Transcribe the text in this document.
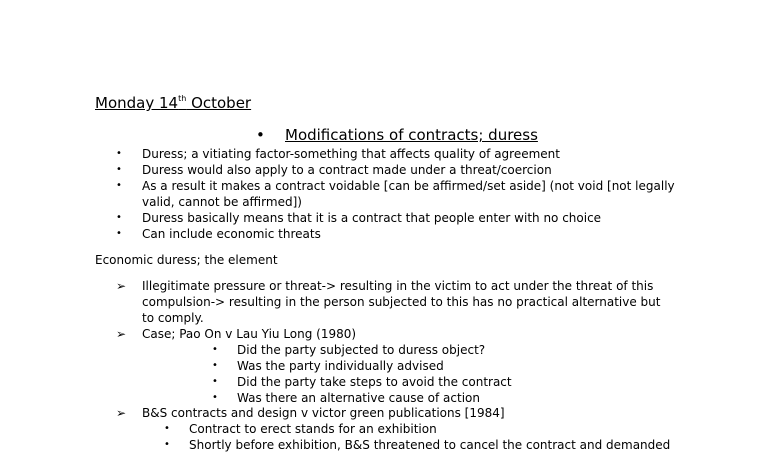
Monday 14th October
• Modifications of contracts; duress
•	Duress; a vitiating factor-something that affects quality of agreement
•	Duress would also apply to a contract made under a threat/coercion
•	As a result it makes a contract voidable [can be affirmed/set aside] (not void [not legally valid, cannot be affirmed])
•	Duress basically means that it is a contract that people enter with no choice
•	Can include economic threats
Economic duress; the element
➢	Illegitimate pressure or threat-> resulting in the victim to act under the threat of this compulsion-> resulting in the person subjected to this has no practical alternative but to comply.
➢	Case; Pao On v Lau Yiu Long (1980)
•	Did the party subjected to duress object?
•	Was the party individually advised
•	Did the party take steps to avoid the contract
•	Was there an alternative cause of action
➢	B&S contracts and design v victor green publications [1984]
•	Contract to erect stands for an exhibition
•	Shortly before exhibition, B&S threatened to cancel the contract and demanded
